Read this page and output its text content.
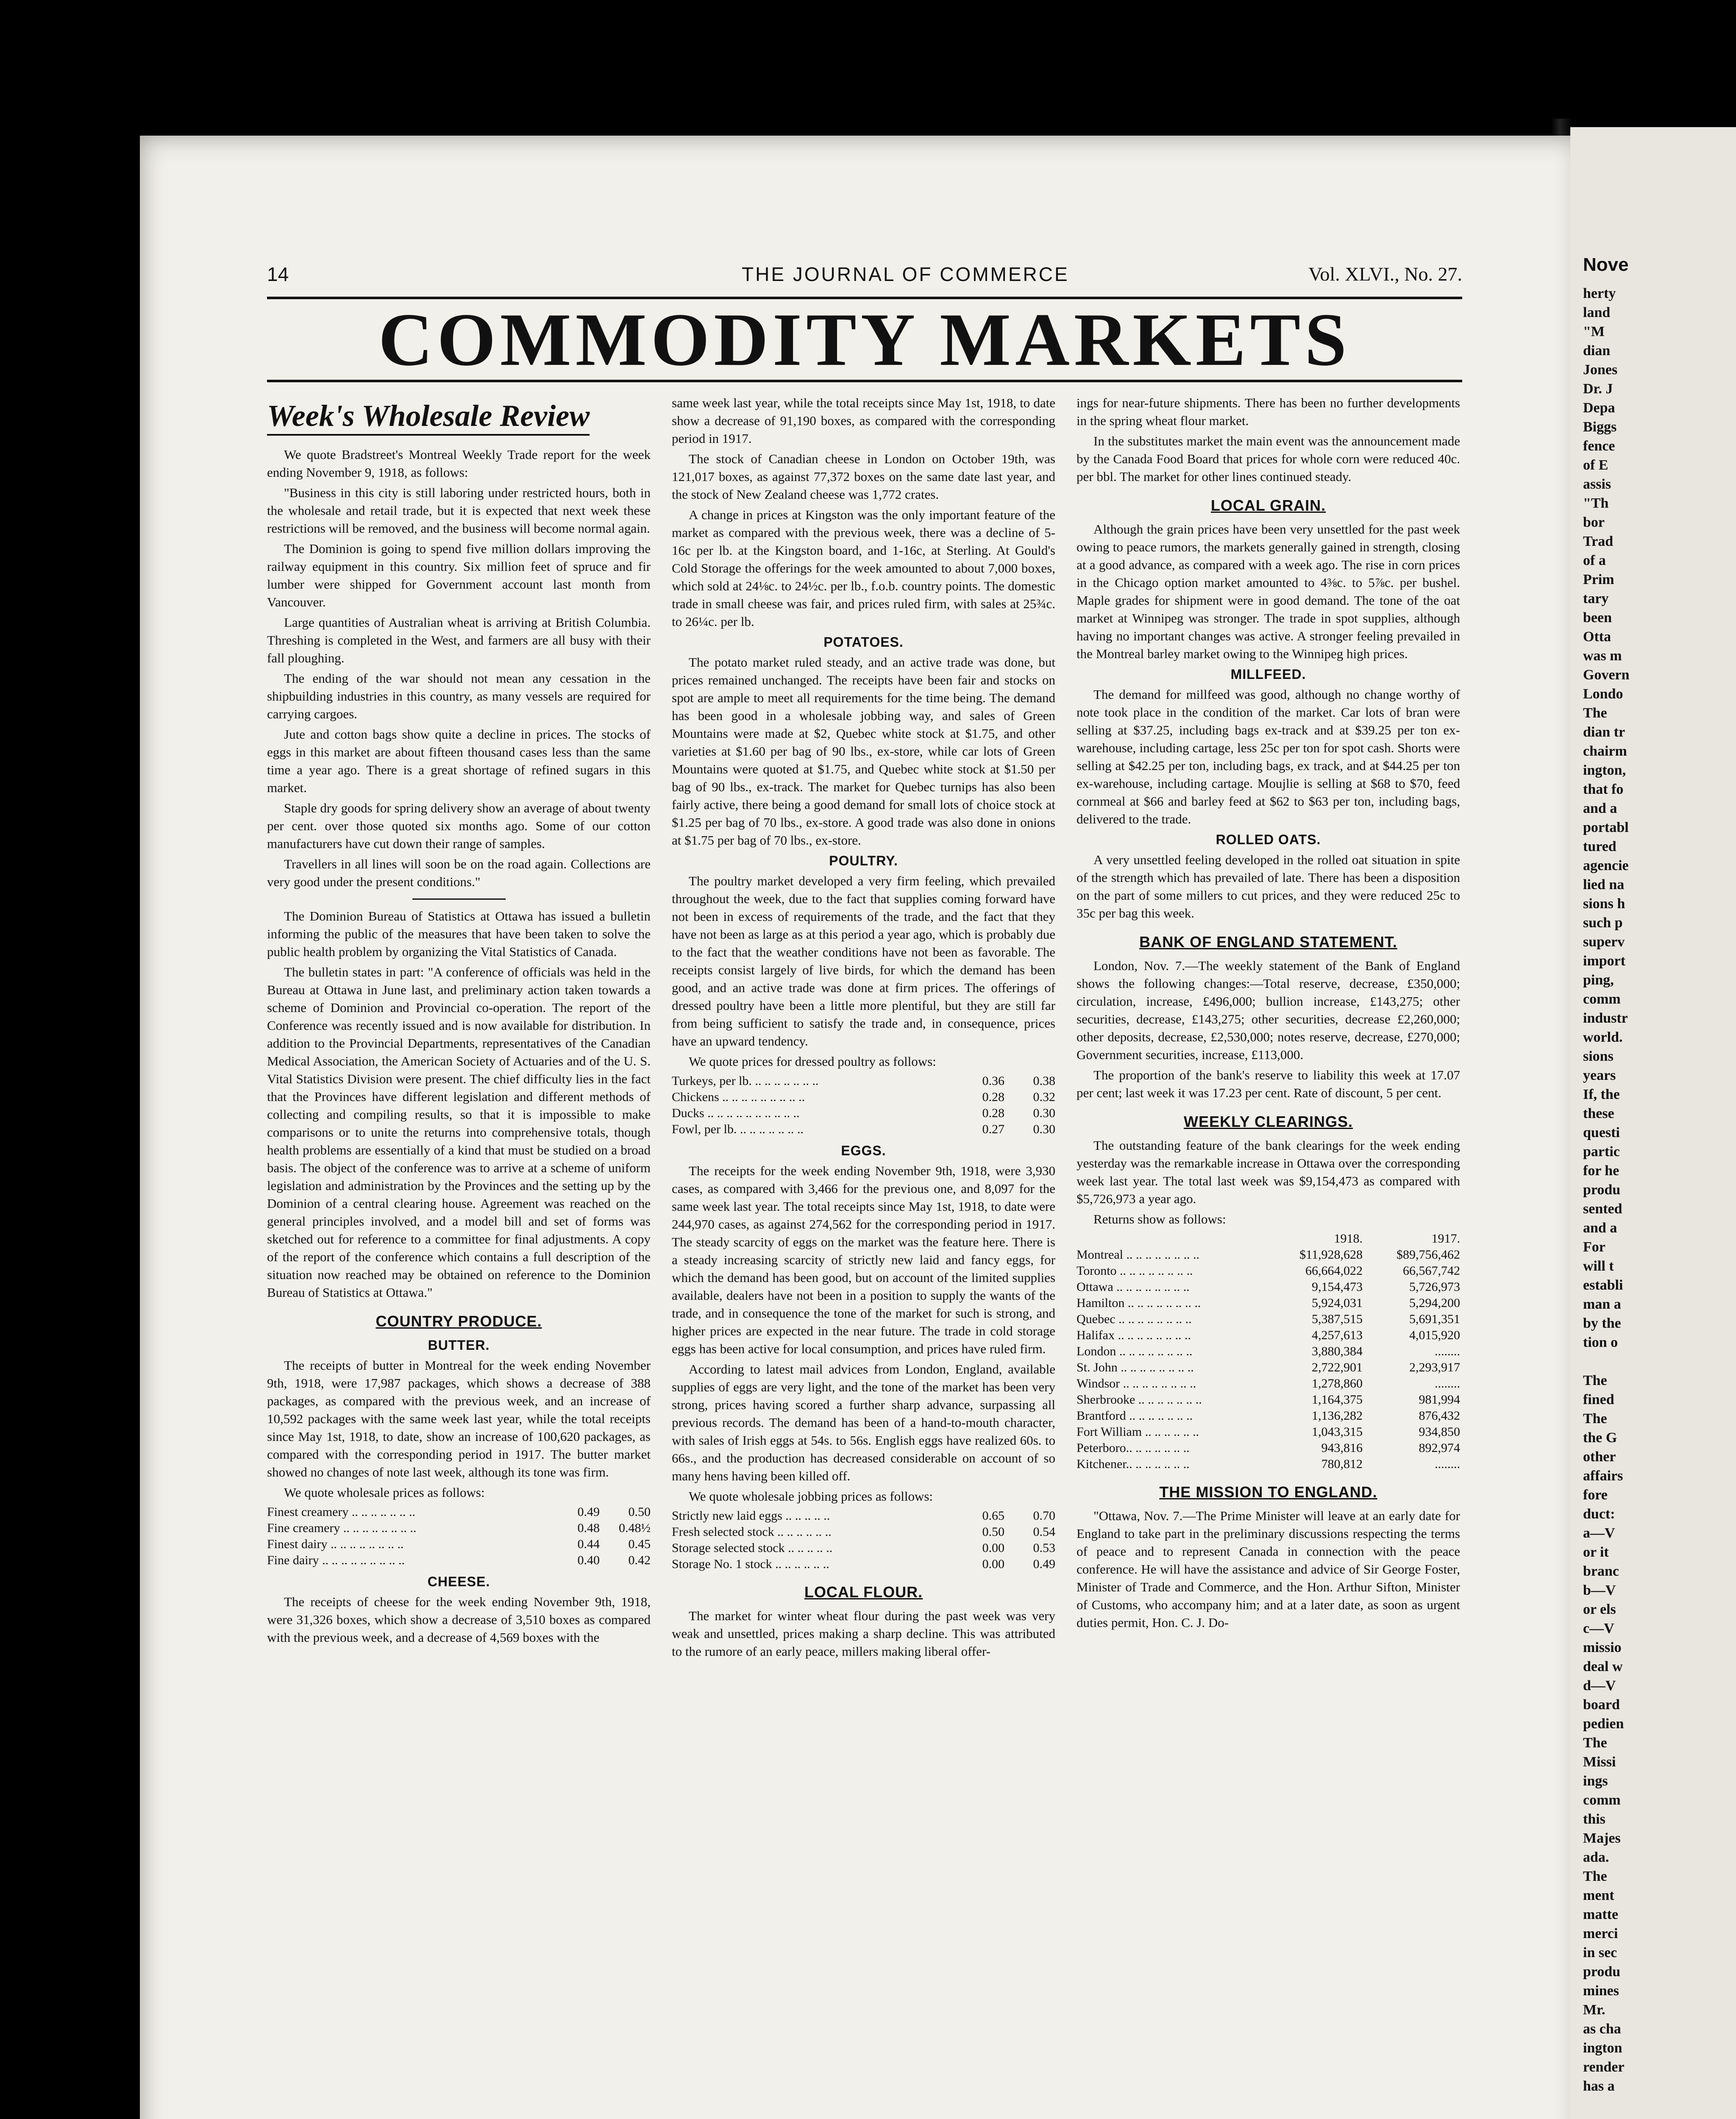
14	THE JOURNAL OF COMMERCE	Vol. XLVI., No. 27.
COMMODITY MARKETS
Week's Wholesale Review

We quote Bradstreet's Montreal Weekly Trade report for the week ending November 9, 1918, as follows:

"Business in this city is still laboring under restricted hours, both in the wholesale and retail trade, but it is expected that next week these restrictions will be removed, and the business will become normal again.

The Dominion is going to spend five million dollars improving the railway equipment in this country. Six million feet of spruce and fir lumber were shipped for Government account last month from Vancouver.

Large quantities of Australian wheat is arriving at British Columbia. Threshing is completed in the West, and farmers are all busy with their fall ploughing.

The ending of the war should not mean any cessation in the shipbuilding industries in this country, as many vessels are required for carrying cargoes.

Jute and cotton bags show quite a decline in prices. The stocks of eggs in this market are about fifteen thousand cases less than the same time a year ago. There is a great shortage of refined sugars in this market.

Staple dry goods for spring delivery show an average of about twenty per cent. over those quoted six months ago. Some of our cotton manufacturers have cut down their range of samples.

Travellers in all lines will soon be on the road again. Collections are very good under the present conditions."

The Dominion Bureau of Statistics at Ottawa has issued a bulletin informing the public of the measures that have been taken to solve the public health problem by organizing the Vital Statistics of Canada.

The bulletin states in part: "A conference of officials was held in the Bureau at Ottawa in June last, and preliminary action taken towards a scheme of Dominion and Provincial co-operation. The report of the Conference was recently issued and is now available for distribution. In addition to the Provincial Departments, representatives of the Canadian Medical Association, the American Society of Actuaries and of the U. S. Vital Statistics Division were present. The chief difficulty lies in the fact that the Provinces have different legislation and different methods of collecting and compiling results, so that it is impossible to make comparisons or to unite the returns into comprehensive totals, though health problems are essentially of a kind that must be studied on a broad basis. The object of the conference was to arrive at a scheme of uniform legislation and administration by the Provinces and the setting up by the Dominion of a central clearing house. Agreement was reached on the general principles involved, and a model bill and set of forms was sketched out for reference to a committee for final adjustments. A copy of the report of the conference which contains a full description of the situation now reached may be obtained on reference to the Dominion Bureau of Statistics at Ottawa."

COUNTRY PRODUCE.
BUTTER.

The receipts of butter in Montreal for the week ending November 9th, 1918, were 17,987 packages, which shows a decrease of 388 packages, as compared with the previous week, and an increase of 10,592 packages with the same week last year, while the total receipts since May 1st, 1918, to date, show an increase of 100,620 packages, as compared with the corresponding period in 1917. The butter market showed no changes of note last week, although its tone was firm.

We quote wholesale prices as follows:

Finest creamery .. .. .. .. .. .. ..	0.49	0.50
Fine creamery .. .. .. .. .. .. .. ..	0.48	0.48½
Finest dairy .. .. .. .. .. .. .. ..	0.44	0.45
Fine dairy .. .. .. .. .. .. .. .. ..	0.40	0.42
CHEESE.

The receipts of cheese for the week ending November 9th, 1918, were 31,326 boxes, which show a decrease of 3,510 boxes as compared with the previous week, and a decrease of 4,569 boxes with the

same week last year, while the total receipts since May 1st, 1918, to date show a decrease of 91,190 boxes, as compared with the corresponding period in 1917.

The stock of Canadian cheese in London on October 19th, was 121,017 boxes, as against 77,372 boxes on the same date last year, and the stock of New Zealand cheese was 1,772 crates.

A change in prices at Kingston was the only important feature of the market as compared with the previous week, there was a decline of 5-16c per lb. at the Kingston board, and 1-16c, at Sterling. At Gould's Cold Storage the offerings for the week amounted to about 7,000 boxes, which sold at 24⅛c. to 24½c. per lb., f.o.b. country points. The domestic trade in small cheese was fair, and prices ruled firm, with sales at 25¾c. to 26¼c. per lb.

POTATOES.

The potato market ruled steady, and an active trade was done, but prices remained unchanged. The receipts have been fair and stocks on spot are ample to meet all requirements for the time being. The demand has been good in a wholesale jobbing way, and sales of Green Mountains were made at $2, Quebec white stock at $1.75, and other varieties at $1.60 per bag of 90 lbs., ex-store, while car lots of Green Mountains were quoted at $1.75, and Quebec white stock at $1.50 per bag of 90 lbs., ex-track. The market for Quebec turnips has also been fairly active, there being a good demand for small lots of choice stock at $1.25 per bag of 70 lbs., ex-store. A good trade was also done in onions at $1.75 per bag of 70 lbs., ex-store.

POULTRY.

The poultry market developed a very firm feeling, which prevailed throughout the week, due to the fact that supplies coming forward have not been in excess of requirements of the trade, and the fact that they have not been as large as at this period a year ago, which is probably due to the fact that the weather conditions have not been as favorable. The receipts consist largely of live birds, for which the demand has been good, and an active trade was done at firm prices. The offerings of dressed poultry have been a little more plentiful, but they are still far from being sufficient to satisfy the trade and, in consequence, prices have an upward tendency.

We quote prices for dressed poultry as follows:

Turkeys, per lb. .. .. .. .. .. .. ..	0.36	0.38
Chickens .. .. .. .. .. .. .. .. ..	0.28	0.32
Ducks .. .. .. .. .. .. .. .. .. ..	0.28	0.30
Fowl, per lb. .. .. .. .. .. .. ..	0.27	0.30
EGGS.

The receipts for the week ending November 9th, 1918, were 3,930 cases, as compared with 3,466 for the previous one, and 8,097 for the same week last year. The total receipts since May 1st, 1918, to date were 244,970 cases, as against 274,562 for the corresponding period in 1917. The steady scarcity of eggs on the market was the feature here. There is a steady increasing scarcity of strictly new laid and fancy eggs, for which the demand has been good, but on account of the limited supplies available, dealers have not been in a position to supply the wants of the trade, and in consequence the tone of the market for such is strong, and higher prices are expected in the near future. The trade in cold storage eggs has been active for local consumption, and prices have ruled firm.

According to latest mail advices from London, England, available supplies of eggs are very light, and the tone of the market has been very strong, prices having scored a further sharp advance, surpassing all previous records. The demand has been of a hand-to-mouth character, with sales of Irish eggs at 54s. to 56s. English eggs have realized 60s. to 66s., and the production has decreased considerable on account of so many hens having been killed off.

We quote wholesale jobbing prices as follows:

Strictly new laid eggs .. .. .. .. ..	0.65	0.70
Fresh selected stock .. .. .. .. .. ..	0.50	0.54
Storage selected stock .. .. .. .. ..	0.00	0.53
Storage No. 1 stock .. .. .. .. .. ..	0.00	0.49
LOCAL FLOUR.

The market for winter wheat flour during the past week was very weak and unsettled, prices making a sharp decline. This was attributed to the rumore of an early peace, millers making liberal offer-

ings for near-future shipments. There has been no further developments in the spring wheat flour market.

In the substitutes market the main event was the announcement made by the Canada Food Board that prices for whole corn were reduced 40c. per bbl. The market for other lines continued steady.

LOCAL GRAIN.

Although the grain prices have been very unsettled for the past week owing to peace rumors, the markets generally gained in strength, closing at a good advance, as compared with a week ago. The rise in corn prices in the Chicago option market amounted to 4⅜c. to 5⅞c. per bushel. Maple grades for shipment were in good demand. The tone of the oat market at Winnipeg was stronger. The trade in spot supplies, although having no important changes was active. A stronger feeling prevailed in the Montreal barley market owing to the Winnipeg high prices.

MILLFEED.

The demand for millfeed was good, although no change worthy of note took place in the condition of the market. Car lots of bran were selling at $37.25, including bags ex-track and at $39.25 per ton ex-warehouse, including cartage, less 25c per ton for spot cash. Shorts were selling at $42.25 per ton, including bags, ex track, and at $44.25 per ton ex-warehouse, including cartage. Moujlie is selling at $68 to $70, feed cornmeal at $66 and barley feed at $62 to $63 per ton, including bags, delivered to the trade.

ROLLED OATS.

A very unsettled feeling developed in the rolled oat situation in spite of the strength which has prevailed of late. There has been a disposition on the part of some millers to cut prices, and they were reduced 25c to 35c per bag this week.

BANK OF ENGLAND STATEMENT.

London, Nov. 7.—The weekly statement of the Bank of England shows the following changes:—Total reserve, decrease, £350,000; circulation, increase, £496,000; bullion increase, £143,275; other securities, decrease, £143,275; other securities, decrease £2,260,000; other deposits, decrease, £2,530,000; notes reserve, decrease, £270,000; Government securities, increase, £113,000.

The proportion of the bank's reserve to liability this week at 17.07 per cent; last week it was 17.23 per cent. Rate of discount, 5 per cent.

WEEKLY CLEARINGS.

The outstanding feature of the bank clearings for the week ending yesterday was the remarkable increase in Ottawa over the corresponding week last year. The total last week was $9,154,473 as compared with $5,726,973 a year ago.

Returns show as follows:

	1918.	1917.
Montreal .. .. .. .. .. .. .. ..	$11,928,628	$89,756,462
Toronto .. .. .. .. .. .. .. ..	66,664,022	66,567,742
Ottawa .. .. .. .. .. .. .. ..	9,154,473	5,726,973
Hamilton .. .. .. .. .. .. .. ..	5,924,031	5,294,200
Quebec .. .. .. .. .. .. .. ..	5,387,515	5,691,351
Halifax .. .. .. .. .. .. .. ..	4,257,613	4,015,920
London .. .. .. .. .. .. .. ..	3,880,384	........
St. John .. .. .. .. .. .. .. ..	2,722,901	2,293,917
Windsor .. .. .. .. .. .. .. ..	1,278,860	........
Sherbrooke .. .. .. .. .. .. ..	1,164,375	981,994
Brantford .. .. .. .. .. .. ..	1,136,282	876,432
Fort William .. .. .. .. .. ..	1,043,315	934,850
Peterboro.. .. .. .. .. .. ..	943,816	892,974
Kitchener.. .. .. .. .. .. ..	780,812	........
THE MISSION TO ENGLAND.

"Ottawa, Nov. 7.—The Prime Minister will leave at an early date for England to take part in the preliminary discussions respecting the terms of peace and to represent Canada in connection with the peace conference. He will have the assistance and advice of Sir George Foster, Minister of Trade and Commerce, and the Hon. Arthur Sifton, Minister of Customs, who accompany him; and at a later date, as soon as urgent duties permit, Hon. C. J. Do-

Nove
herty
land
"M
dian
Jones
Dr. J
Depa
Biggs
fence
of E
assis
"Th
bor
Trad
of a
Prim
tary
been
Otta
was m
Govern
Londo
The
dian tr
chairm
ington,
that fo
and a
portabl
tured
agencie
lied na
sions h
such p
superv
import
ping,
comm
industr
world.
sions
years
If, the
these
questi
partic
for he
produ
sented
and a
For
will t
establi
man a
by the
tion o
The
fined
The
the G
other
affairs
fore
duct:
a—V
or it
branc
b—V
or els
c—V
missio
deal w
d—V
board
pedien
The
Missi
ings
comm
this
Majes
ada.
The
ment
matte
merci
in sec
produ
mines
Mr.
as cha
ington
render
has a
